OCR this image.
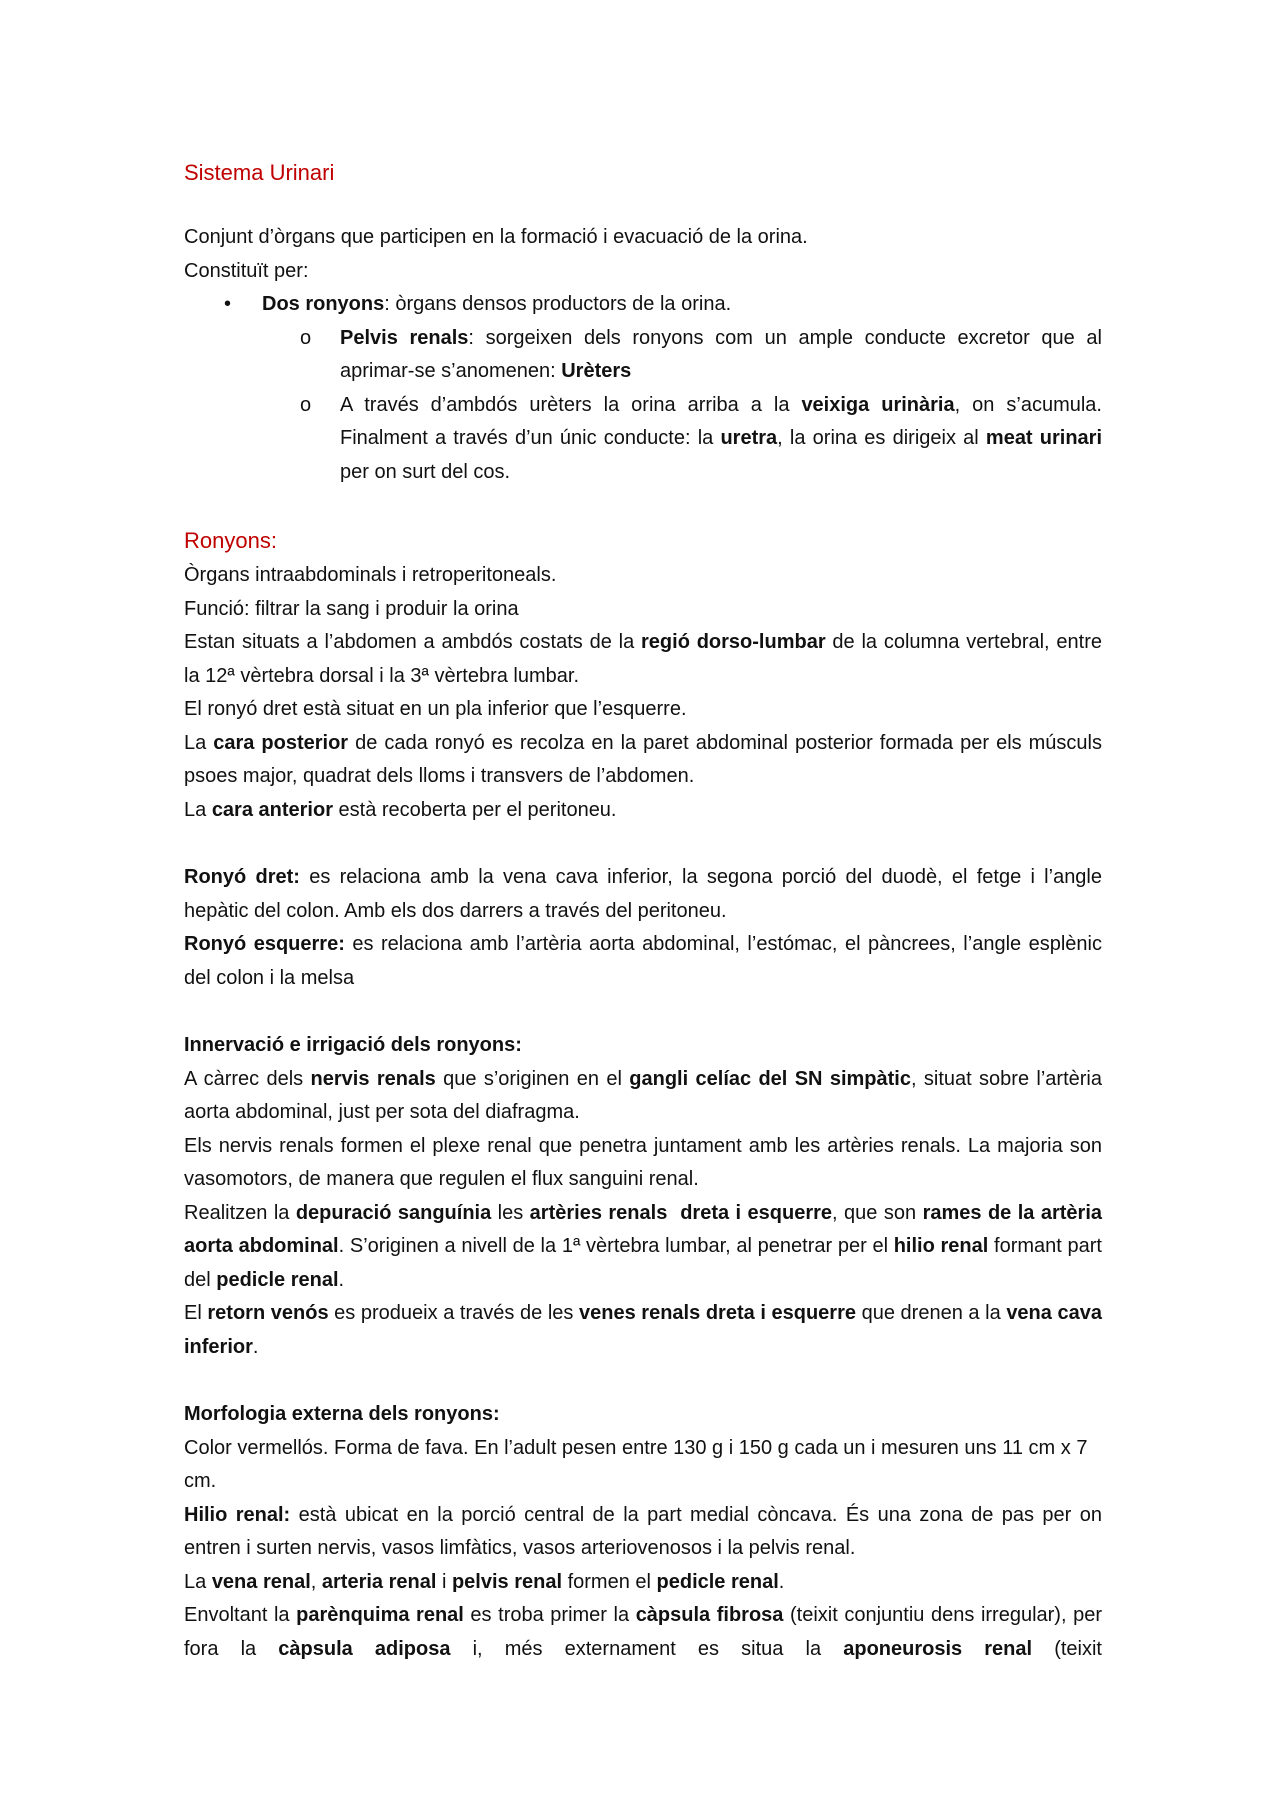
Sistema Urinari

Conjunt d’òrgans que participen en la formació i evacuació de la orina.

Constituït per:

• Dos ronyons: òrgans densos productors de la orina.
o Pelvis renals: sorgeixen dels ronyons com un ample conducte excretor que al aprimar-se s’anomenen: Urèters
o A través d’ambdós urèters la orina arriba a la veixiga urinària, on s’acumula. Finalment a través d’un únic conducte: la uretra, la orina es dirigeix al meat urinari per on surt del cos.
Ronyons:

Òrgans intraabdominals i retroperitoneals.

Funció: filtrar la sang i produir la orina

Estan situats a l’abdomen a ambdós costats de la regió dorso-lumbar de la columna vertebral, entre la 12ª vèrtebra dorsal i la 3ª vèrtebra lumbar.

El ronyó dret està situat en un pla inferior que l’esquerre.

La cara posterior de cada ronyó es recolza en la paret abdominal posterior formada per els músculs psoes major, quadrat dels lloms i transvers de l’abdomen.

La cara anterior està recoberta per el peritoneu.

Ronyó dret: es relaciona amb la vena cava inferior, la segona porció del duodè, el fetge i l’angle hepàtic del colon. Amb els dos darrers a través del peritoneu.

Ronyó esquerre: es relaciona amb l’artèria aorta abdominal, l’estómac, el pàncrees, l’angle esplènic del colon i la melsa

Innervació e irrigació dels ronyons:

A càrrec dels nervis renals que s’originen en el gangli celíac del SN simpàtic, situat sobre l’artèria aorta abdominal, just per sota del diafragma.

Els nervis renals formen el plexe renal que penetra juntament amb les artèries renals. La majoria son vasomotors, de manera que regulen el flux sanguini renal.

Realitzen la depuració sanguínia les artèries renals  dreta i esquerre, que son rames de la artèria aorta abdominal. S’originen a nivell de la 1ª vèrtebra lumbar, al penetrar per el hilio renal formant part del pedicle renal.

El retorn venós es produeix a través de les venes renals dreta i esquerre que drenen a la vena cava inferior.

Morfologia externa dels ronyons:

Color vermellós. Forma de fava. En l’adult pesen entre 130 g i 150 g cada un i mesuren uns 11 cm x 7 cm.

Hilio renal: està ubicat en la porció central de la part medial còncava. És una zona de pas per on entren i surten nervis, vasos limfàtics, vasos arteriovenosos i la pelvis renal.

La vena renal, arteria renal i pelvis renal formen el pedicle renal.

Envoltant la parènquima renal es troba primer la càpsula fibrosa (teixit conjuntiu dens irregular), per fora la càpsula adiposa i, més externament es situa la aponeurosis renal (teixit
